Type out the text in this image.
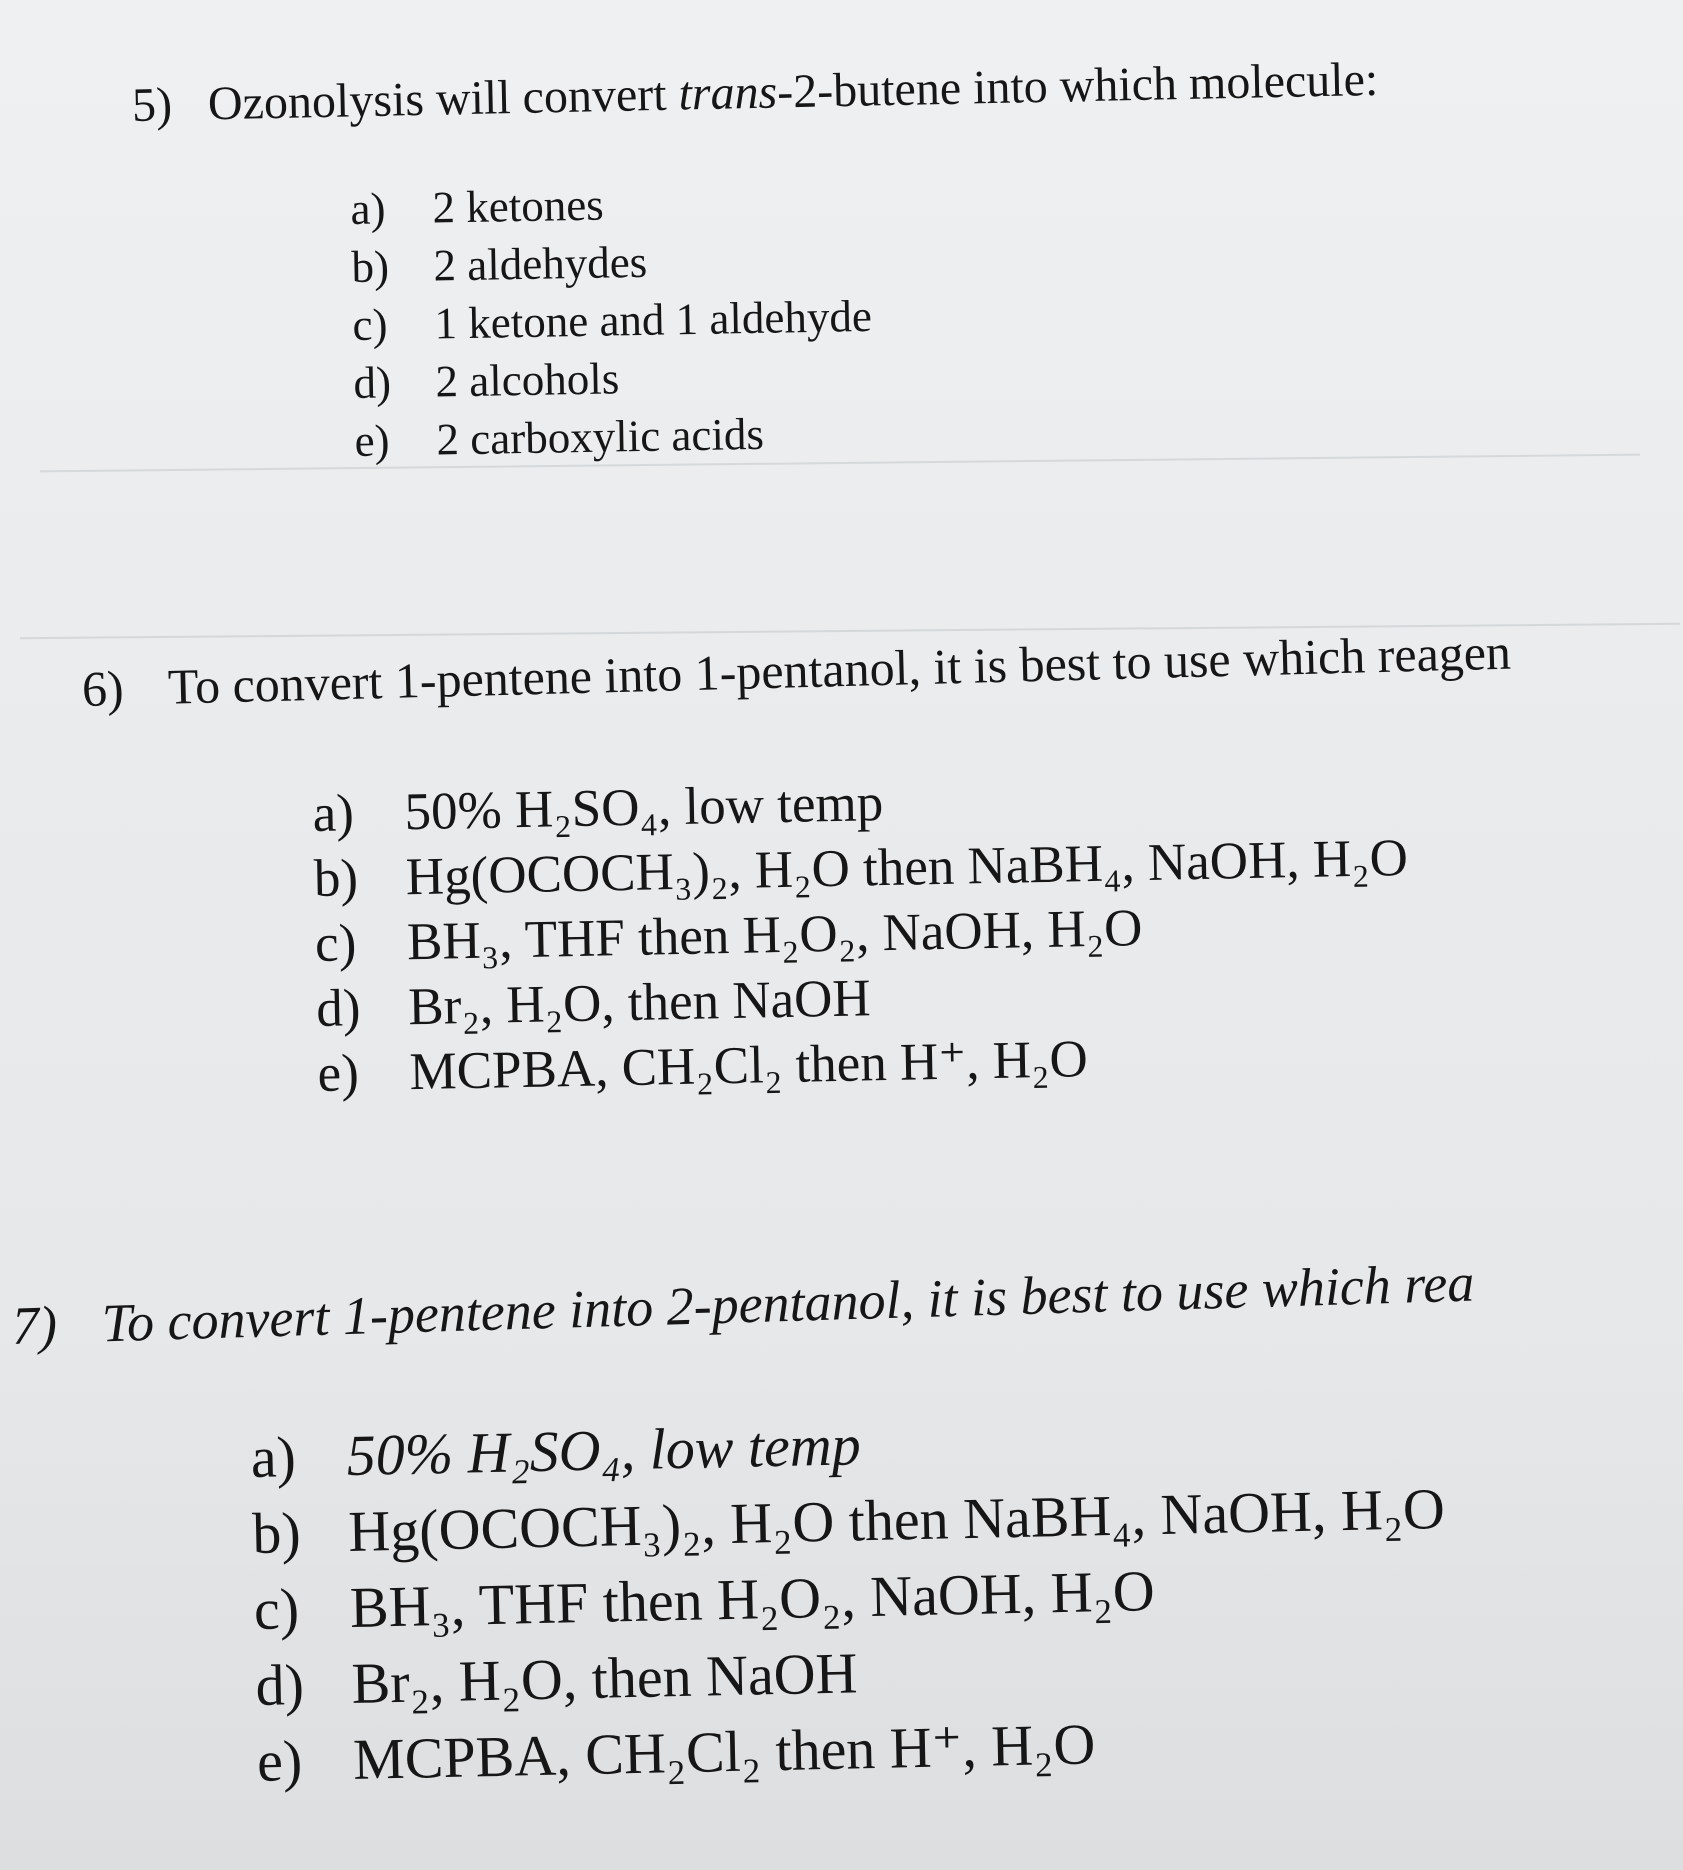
5) Ozonolysis will convert trans-2-butene into which molecule:

a) 2 ketones
b) 2 aldehydes
c) 1 ketone and 1 aldehyde
d) 2 alcohols
e) 2 carboxylic acids

6) To convert 1-pentene into 1-pentanol, it is best to use which reagen

a) 50% H₂SO₄, low temp
b) Hg(OCOCH₃)₂, H₂O then NaBH₄, NaOH, H₂O
c) BH₃, THF then H₂O₂, NaOH, H₂O
d) Br₂, H₂O, then NaOH
e) MCPBA, CH₂Cl₂ then H⁺, H₂O

7) To convert 1-pentene into 2-pentanol, it is best to use which rea

a) 50% H₂SO₄, low temp
b) Hg(OCOCH₃)₂, H₂O then NaBH₄, NaOH, H₂O
c) BH₃, THF then H₂O₂, NaOH, H₂O
d) Br₂, H₂O, then NaOH
e) MCPBA, CH₂Cl₂ then H⁺, H₂O
